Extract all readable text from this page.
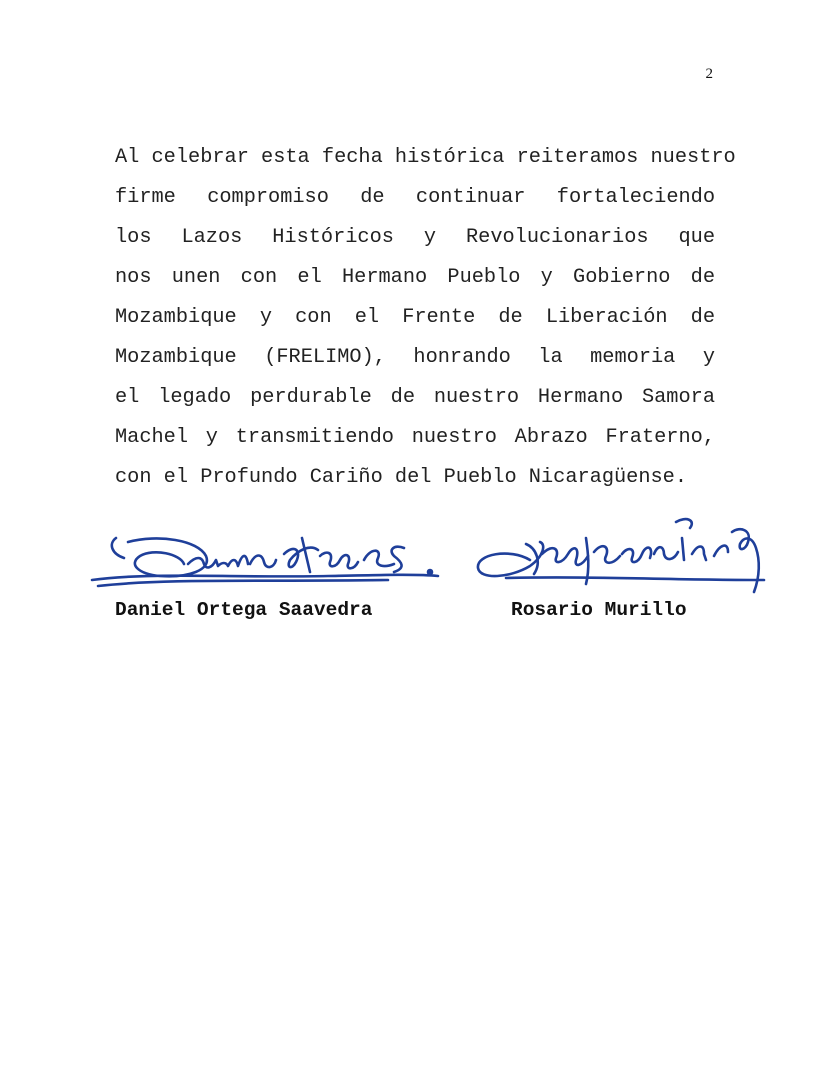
2
Al celebrar esta fecha histórica reiteramos nuestro
firme compromiso de continuar fortaleciendo
los Lazos Históricos y Revolucionarios que
nos unen con el Hermano Pueblo y Gobierno de
Mozambique y con el Frente de Liberación de
Mozambique (FRELIMO), honrando la memoria y
el legado perdurable de nuestro Hermano Samora
Machel y transmitiendo nuestro Abrazo Fraterno,
con el Profundo Cariño del Pueblo Nicaragüense.
Daniel Ortega Saavedra	Rosario Murillo
